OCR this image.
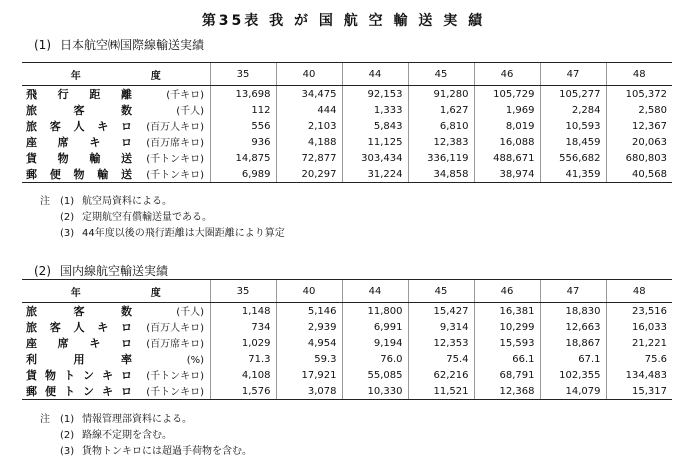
第35表 我 が 国 航 空 輸 送 実 績
(1) 日本航空㈱国際線輸送実績
年 度	35	40	44	45	46	47	48
飛行距離 (千キロ)	13,698	34,475	92,153	91,280	105,729	105,277	105,372
旅客数 (千人)	112	444	1,333	1,627	1,969	2,284	2,580
旅客人キロ (百万人キロ)	556	2,103	5,843	6,810	8,019	10,593	12,367
座席キロ (百万席キロ)	936	4,188	11,125	12,383	16,088	18,459	20,063
貨物輸送 (千トンキロ)	14,875	72,877	303,434	336,119	488,671	556,682	680,803
郵便物輸送 (千トンキロ)	6,989	20,297	31,224	34,858	38,974	41,359	40,568
注 (1) 航空局資料による。
(2) 定期航空有償輸送量である。
(3) 44年度以後の飛行距離は大圏距離により算定
(2) 国内線航空輸送実績
年 度	35	40	44	45	46	47	48
旅客数 (千人)	1,148	5,146	11,800	15,427	16,381	18,830	23,516
旅客人キロ (百万人キロ)	734	2,939	6,991	9,314	10,299	12,663	16,033
座席キロ (百万席キロ)	1,029	4,954	9,194	12,353	15,593	18,867	21,221
利用率 (%)	71.3	59.3	76.0	75.4	66.1	67.1	75.6
貨物トンキロ (千トンキロ)	4,108	17,921	55,085	62,216	68,791	102,355	134,483
郵便トンキロ (千トンキロ)	1,576	3,078	10,330	11,521	12,368	14,079	15,317
注 (1) 情報管理部資料による。
(2) 路線不定期を含む。
(3) 貨物トンキロには超過手荷物を含む。
